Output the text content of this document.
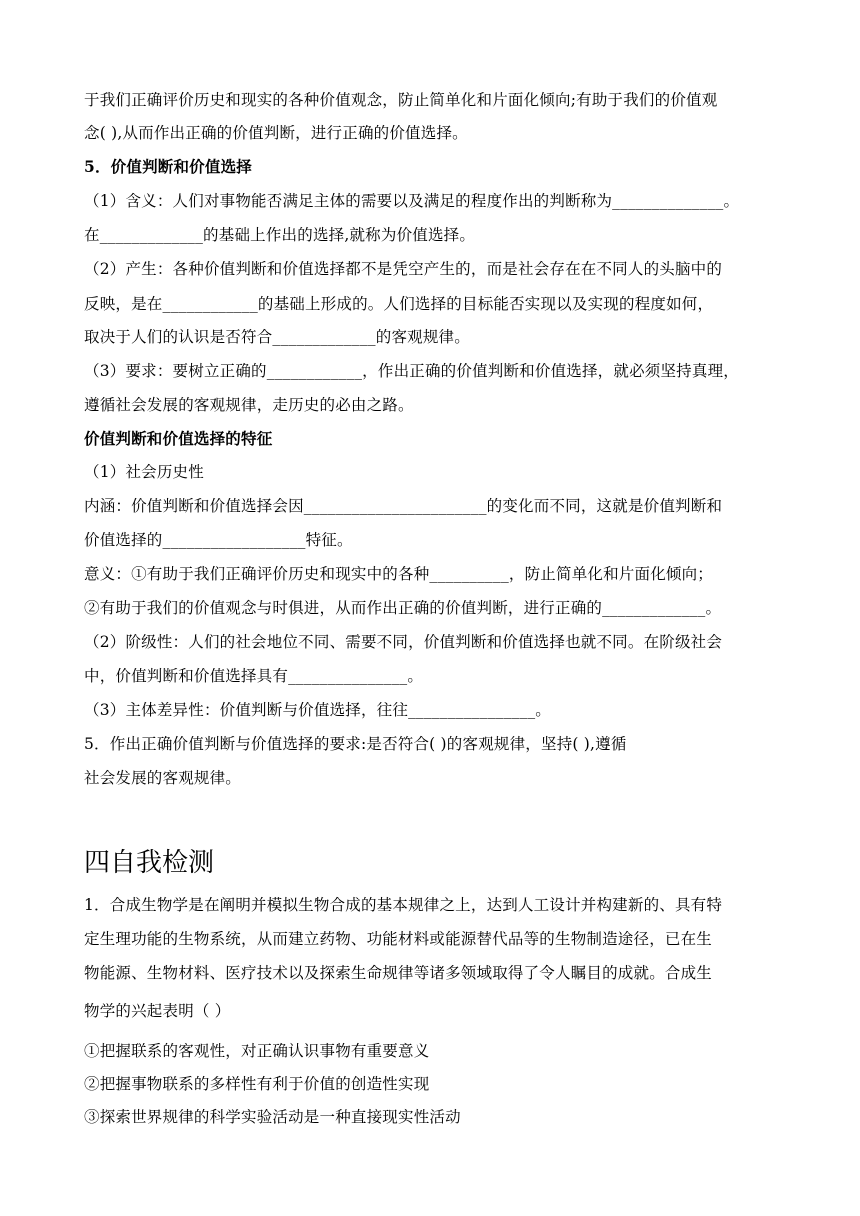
于我们正确评价历史和现实的各种价值观念，防止简单化和片面化倾向;有助于我们的价值观
念( ),从而作出正确的价值判断，进行正确的价值选择。
5．价值判断和价值选择
（1）含义：人们对事物能否满足主体的需要以及满足的程度作出的判断称为______________。
在_____________的基础上作出的选择,就称为价值选择。
（2）产生：各种价值判断和价值选择都不是凭空产生的，而是社会存在在不同人的头脑中的
反映，是在____________的基础上形成的。人们选择的目标能否实现以及实现的程度如何，
取决于人们的认识是否符合_____________的客观规律。
（3）要求：要树立正确的____________，作出正确的价值判断和价值选择，就必须坚持真理，
遵循社会发展的客观规律，走历史的必由之路。
价值判断和价值选择的特征
（1）社会历史性
内涵：价值判断和价值选择会因_______________________的变化而不同，这就是价值判断和
价值选择的__________________特征。
意义：①有助于我们正确评价历史和现实中的各种__________，防止简单化和片面化倾向；
②有助于我们的价值观念与时俱进，从而作出正确的价值判断，进行正确的_____________。
（2）阶级性：人们的社会地位不同、需要不同，价值判断和价值选择也就不同。在阶级社会
中，价值判断和价值选择具有_______________。
（3）主体差异性：价值判断与价值选择，往往________________。
5．作出正确价值判断与价值选择的要求:是否符合( )的客观规律，坚持( ),遵循
社会发展的客观规律。
四自我检测
1．合成生物学是在阐明并模拟生物合成的基本规律之上，达到人工设计并构建新的、具有特
定生理功能的生物系统，从而建立药物、功能材料或能源替代品等的生物制造途径，已在生
物能源、生物材料、医疗技术以及探索生命规律等诸多领域取得了令人瞩目的成就。合成生
物学的兴起表明（ ）
①把握联系的客观性，对正确认识事物有重要意义
②把握事物联系的多样性有利于价值的创造性实现
③探索世界规律的科学实验活动是一种直接现实性活动
